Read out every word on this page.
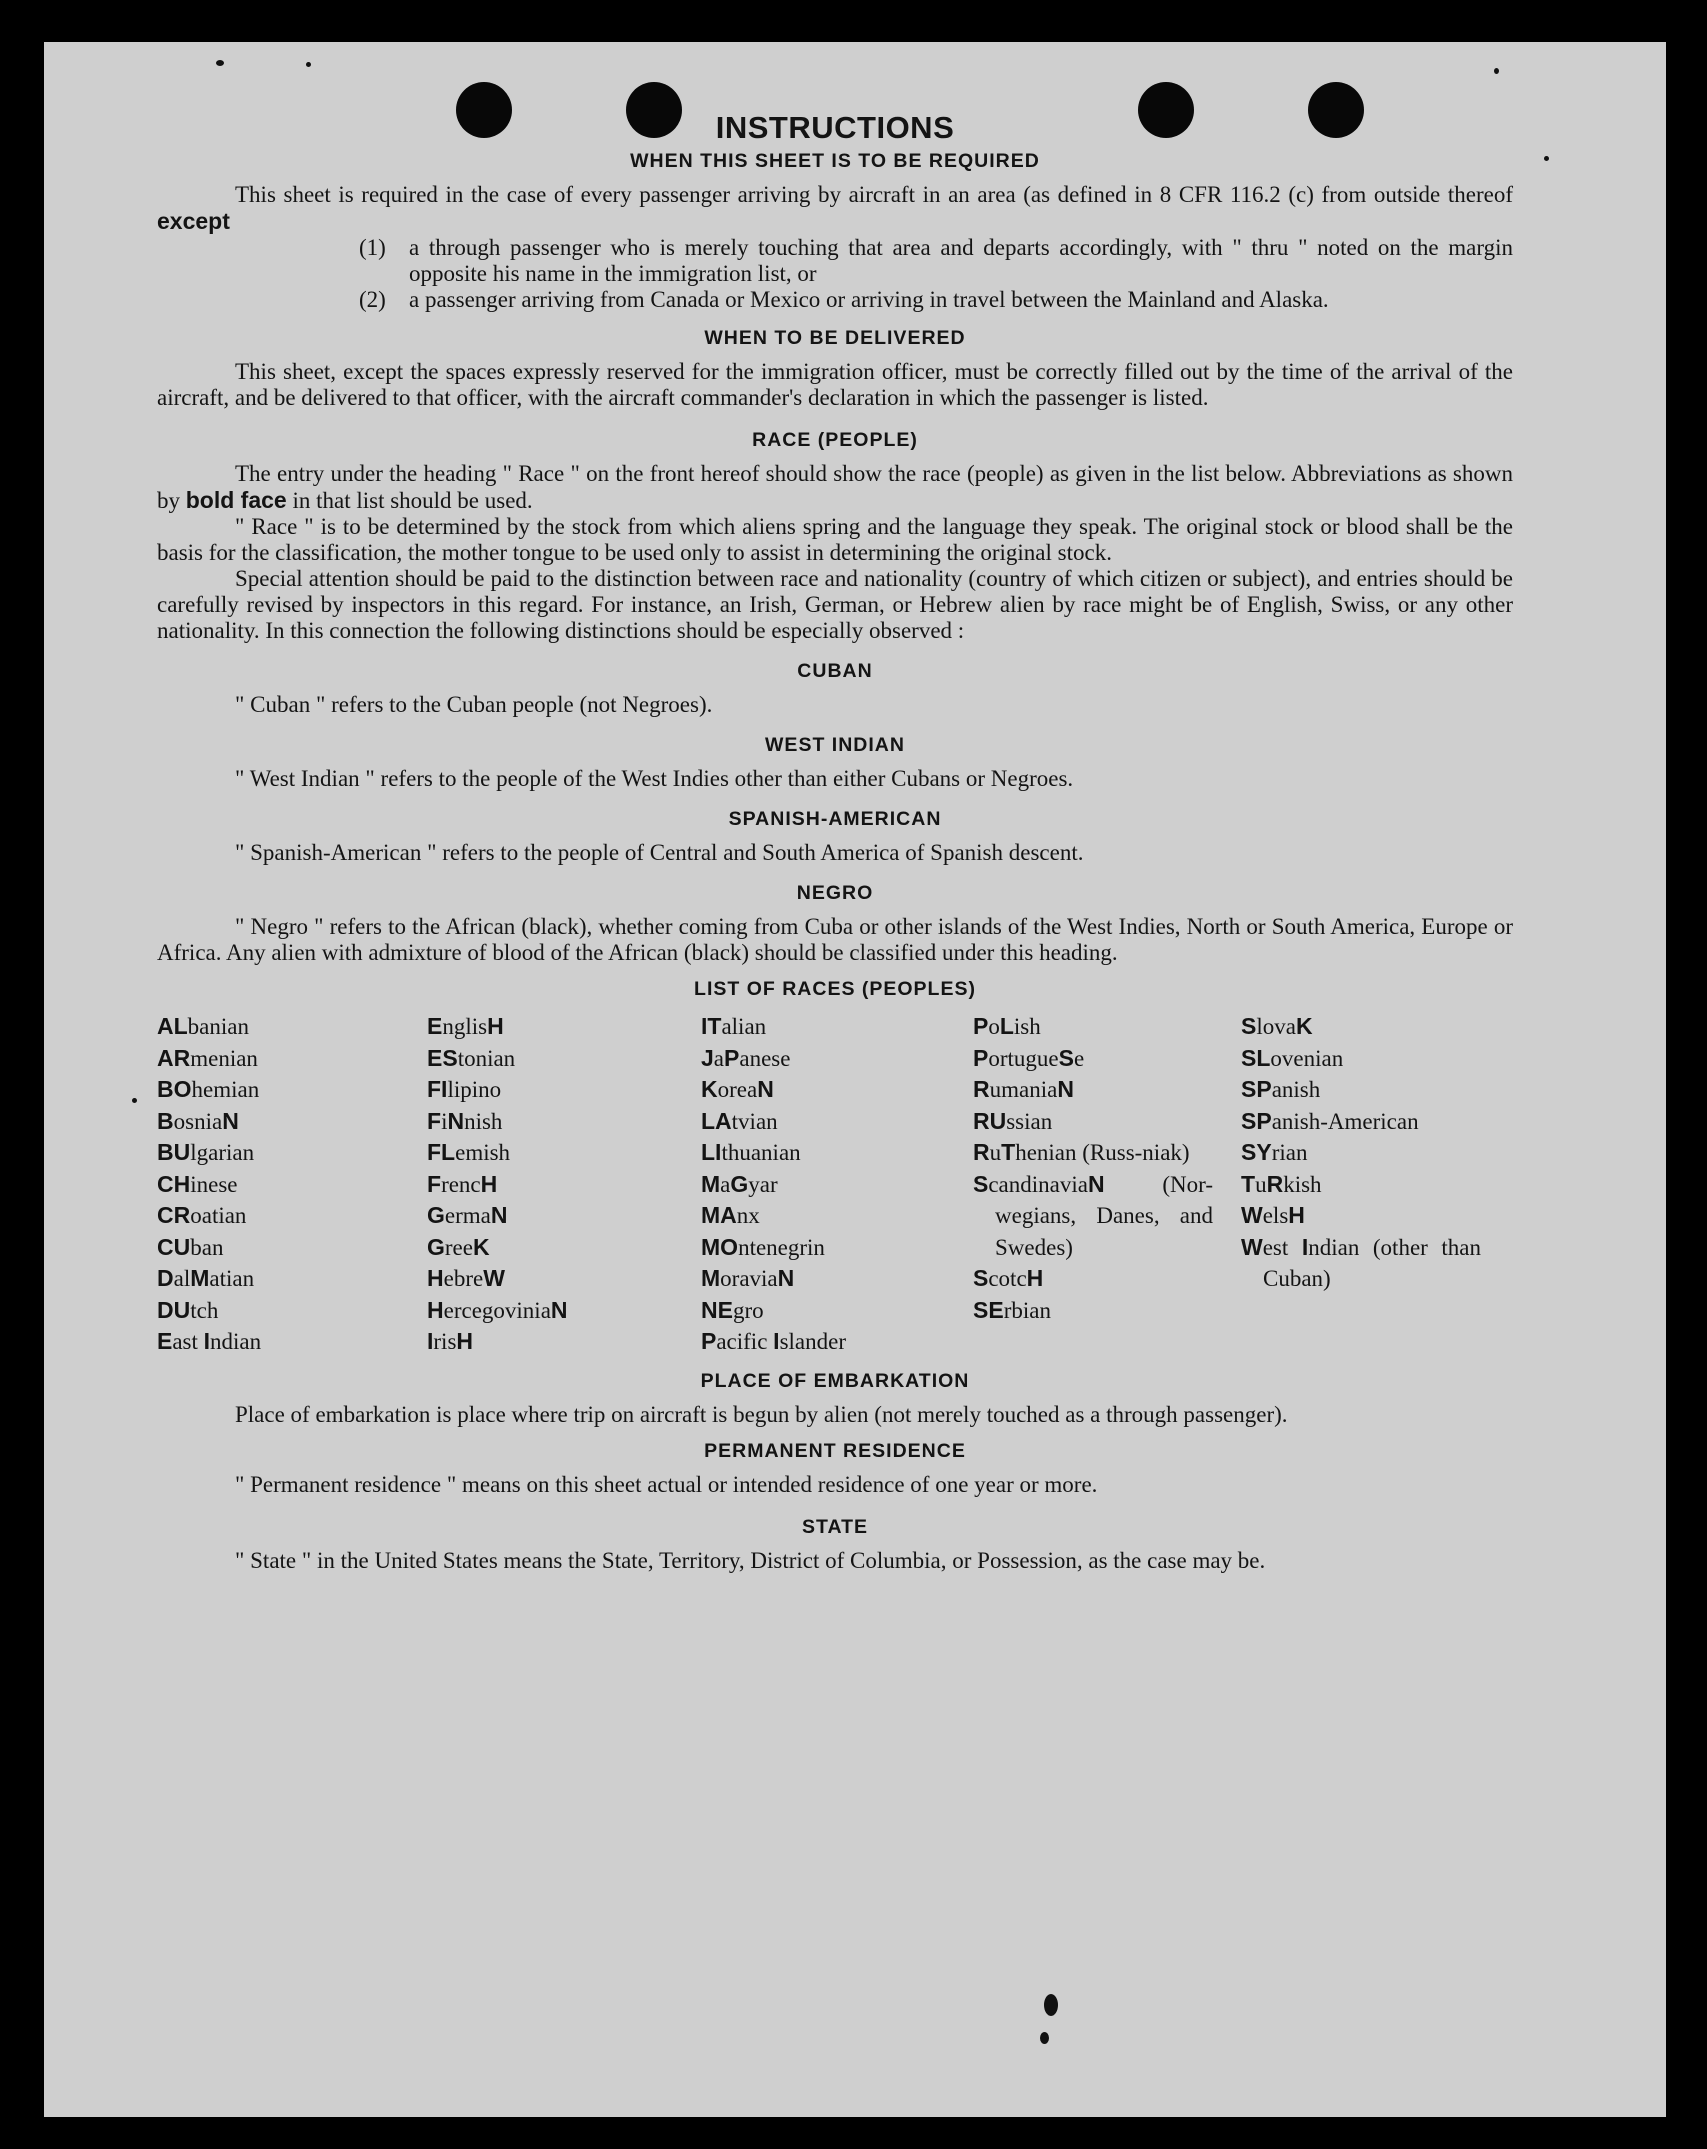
INSTRUCTIONS
WHEN THIS SHEET IS TO BE REQUIRED

This sheet is required in the case of every passenger arriving by aircraft in an area (as defined in 8 CFR 116.2 (c) from outside thereof except

(1)	a through passenger who is merely touching that area and departs accordingly, with " thru " noted on the margin opposite his name in the immigration list, or
(2)	a passenger arriving from Canada or Mexico or arriving in travel between the Mainland and Alaska.
WHEN TO BE DELIVERED

This sheet, except the spaces expressly reserved for the immigration officer, must be correctly filled out by the time of the arrival of the aircraft, and be delivered to that officer, with the aircraft commander's declaration in which the passenger is listed.

RACE (PEOPLE)

The entry under the heading " Race " on the front hereof should show the race (people) as given in the list below. Abbreviations as shown by bold face in that list should be used.

" Race " is to be determined by the stock from which aliens spring and the language they speak. The original stock or blood shall be the basis for the classification, the mother tongue to be used only to assist in determining the original stock.

Special attention should be paid to the distinction between race and nationality (country of which citizen or subject), and entries should be carefully revised by inspectors in this regard. For instance, an Irish, German, or Hebrew alien by race might be of English, Swiss, or any other nationality. In this connection the following distinctions should be especially observed :

CUBAN

" Cuban " refers to the Cuban people (not Negroes).

WEST INDIAN

" West Indian " refers to the people of the West Indies other than either Cubans or Negroes.

SPANISH-AMERICAN

" Spanish-American " refers to the people of Central and South America of Spanish descent.

NEGRO

" Negro " refers to the African (black), whether coming from Cuba or other islands of the West Indies, North or South America, Europe or Africa. Any alien with admixture of blood of the African (black) should be classified under this heading.

LIST OF RACES (PEOPLES)
ALbanian
ARmenian
BOhemian
BosniaN
BUlgarian
CHinese
CRoatian
CUban
DalMatian
DUtch
East Indian
EnglisH
EStonian
FIlipino
FiNnish
FLemish
FrencH
GermaN
GreeK
HebreW
HercegoviniaN
IrisH
ITalian
JaPanese
KoreaN
LAtvian
LIthuanian
MaGyar
MAnx
MOntenegrin
MoraviaN
NEgro
Pacific Islander
PoLish
PortugueSe
RumaniaN
RUssian
RuThenian (Russ-niak)
ScandinaviaN (Nor-wegians, Danes, and Swedes)
ScotcH
SErbian
SlovaK
SLovenian
SPanish
SPanish-American
SYrian
TuRkish
WelsH
West Indian (other than Cuban)
PLACE OF EMBARKATION

Place of embarkation is place where trip on aircraft is begun by alien (not merely touched as a through passenger).

PERMANENT RESIDENCE

" Permanent residence " means on this sheet actual or intended residence of one year or more.

STATE

" State " in the United States means the State, Territory, District of Columbia, or Possession, as the case may be.
